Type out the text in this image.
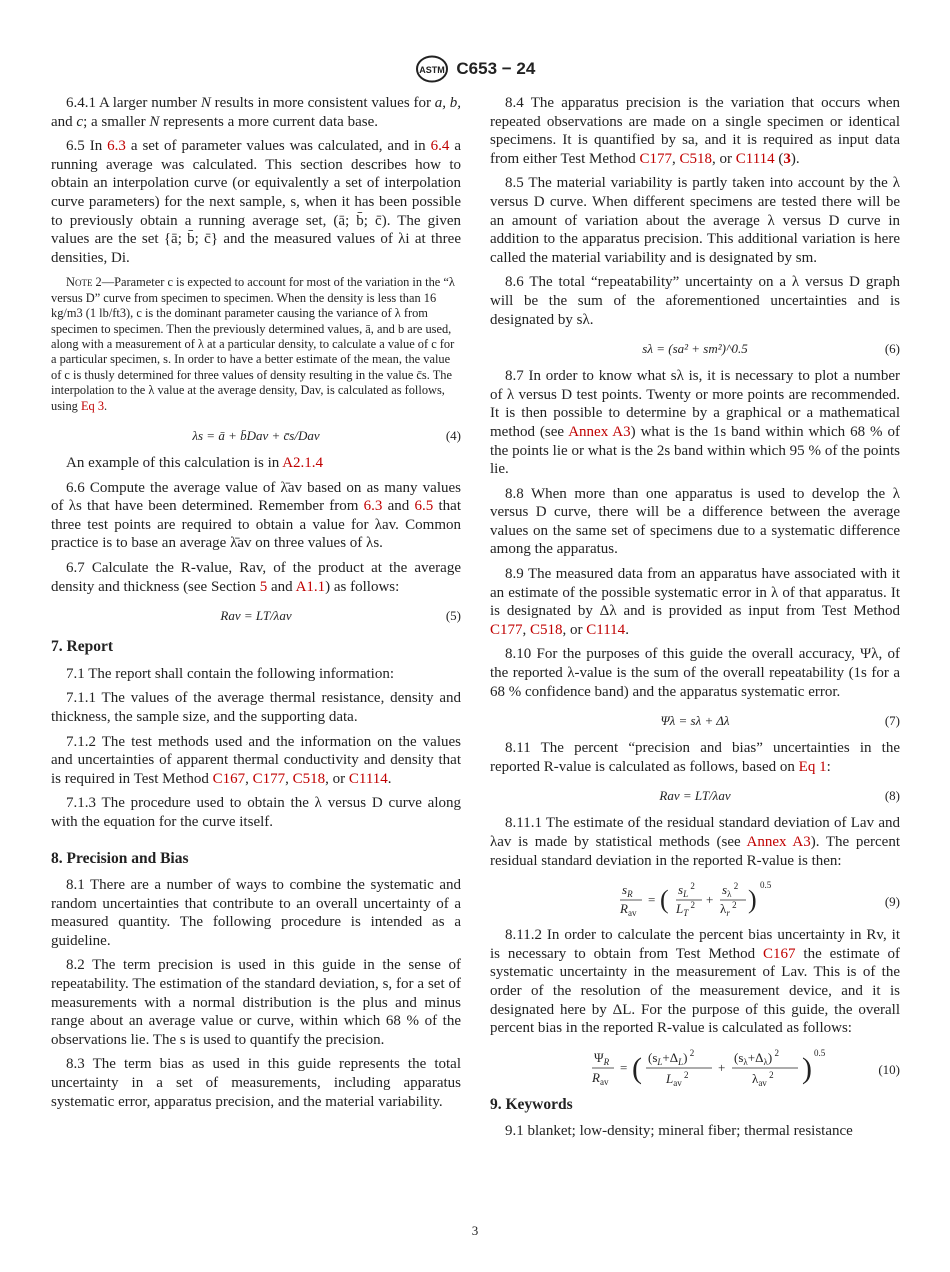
ASTM C653 − 24

6.4.1 A larger number N results in more consistent values for a, b, and c; a smaller N represents a more current data base.

6.5 In 6.3 a set of parameter values was calculated, and in 6.4 a running average was calculated. This section describes how to obtain an interpolation curve (or equivalently a set of interpolation curve parameters) for the next sample, s, when it has been possible to previously obtain a running average set, (ā; b̄; c̄). The given values are the set {ā; b̄; c̄} and the measured values of λi at three densities, Di.

Note 2—Parameter c is expected to account for most of the variation in the “λ versus D” curve from specimen to specimen. When the density is less than 16 kg/m3 (1 lb/ft3), c is the dominant parameter causing the variance of λ from specimen to specimen. Then the previously determined values, ā, and b are used, along with a measurement of λ at a particular density, to calculate a value of c for a particular specimen, s. In order to have a better estimate of the mean, the value of c is thusly determined for three values of density resulting in the value c̄s. The interpolation to the λ value at the average density, Dav, is calculated as follows, using Eq 3.
λs = ā + b̄Dav + c̄s/Dav	(4)

An example of this calculation is in A2.1.4

6.6 Compute the average value of λ̄av based on as many values of λs that have been determined. Remember from 6.3 and 6.5 that three test points are required to obtain a value for λav. Common practice is to base an average λ̄av on three values of λs.

6.7 Calculate the R-value, Rav, of the product at the average density and thickness (see Section 5 and A1.1) as follows:

Rav = LT/λav	(5)
7. Report

7.1 The report shall contain the following information:

7.1.1 The values of the average thermal resistance, density and thickness, the sample size, and the supporting data.

7.1.2 The test methods used and the information on the values and uncertainties of apparent thermal conductivity and density that is required in Test Method C167, C177, C518, or C1114.

7.1.3 The procedure used to obtain the λ versus D curve along with the equation for the curve itself.

8. Precision and Bias

8.1 There are a number of ways to combine the systematic and random uncertainties that contribute to an overall uncertainty of a measured quantity. The following procedure is intended as a guideline.

8.2 The term precision is used in this guide in the sense of repeatability. The estimation of the standard deviation, s, for a set of measurements with a normal distribution is the plus and minus range about an average value or curve, within which 68 % of the observations lie. The s is used to quantify the precision.

8.3 The term bias as used in this guide represents the total uncertainty in a set of measurements, including apparatus systematic error, apparatus precision, and the material variability.

8.4 The apparatus precision is the variation that occurs when repeated observations are made on a single specimen or identical specimens. It is quantified by sa, and it is required as input data from either Test Method C177, C518, or C1114 (3).

8.5 The material variability is partly taken into account by the λ versus D curve. When different specimens are tested there will be an amount of variation about the average λ versus D curve in addition to the apparatus precision. This additional variation is here called the material variability and is designated by sm.

8.6 The total “repeatability” uncertainty on a λ versus D graph will be the sum of the aforementioned uncertainties and is designated by sλ.

sλ = (sa² + sm²)^0.5	(6)

8.7 In order to know what sλ is, it is necessary to plot a number of λ versus D test points. Twenty or more points are recommended. It is then possible to determine by a graphical or a mathematical method (see Annex A3) what is the 1s band within which 68 % of the points lie or what is the 2s band within which 95 % of the points lie.

8.8 When more than one apparatus is used to develop the λ versus D curve, there will be a difference between the average values on the same set of specimens due to a systematic difference among the apparatus.

8.9 The measured data from an apparatus have associated with it an estimate of the possible systematic error in λ of that apparatus. It is designated by Δλ and is provided as input from Test Method C177, C518, or C1114.

8.10 For the purposes of this guide the overall accuracy, Ψλ, of the reported λ-value is the sum of the overall repeatability (1s for a 68 % confidence band) and the apparatus systematic error.

Ψλ = sλ + Δλ	(7)

8.11 The percent “precision and bias” uncertainties in the reported R-value is calculated as follows, based on Eq 1:

Rav = LT/λav	(8)

8.11.1 The estimate of the residual standard deviation of Lav and λav is made by statistical methods (see Annex A3). The percent residual standard deviation in the reported R-value is then:

$s_R$
$R_{av}$
= ( $s_L$ $^2$
$L_T$ $^2$ +
$s_\lambda$ $^2$
$\lambda_r$ $^2$ ) 0.5
(9)

8.11.2 In order to calculate the percent bias uncertainty in Rv, it is necessary to obtain from Test Method C167 the estimate of systematic uncertainty in the measurement of Lav. This is of the order of the resolution of the measurement device, and it is designated here by ΔL. For the purpose of this guide, the overall percent bias in the reported R-value is calculated as follows:

$\Psi_R$
$R_{av}$
= ( $(s_L+\Delta_L)$ $^2$
$L_{av}$ $^2$ +
$(s_\lambda+\Delta_\lambda)$ $^2$
$\lambda_{av}$ $^2$ ) 0.5
(10)
9. Keywords

9.1 blanket; low-density; mineral fiber; thermal resistance

3
